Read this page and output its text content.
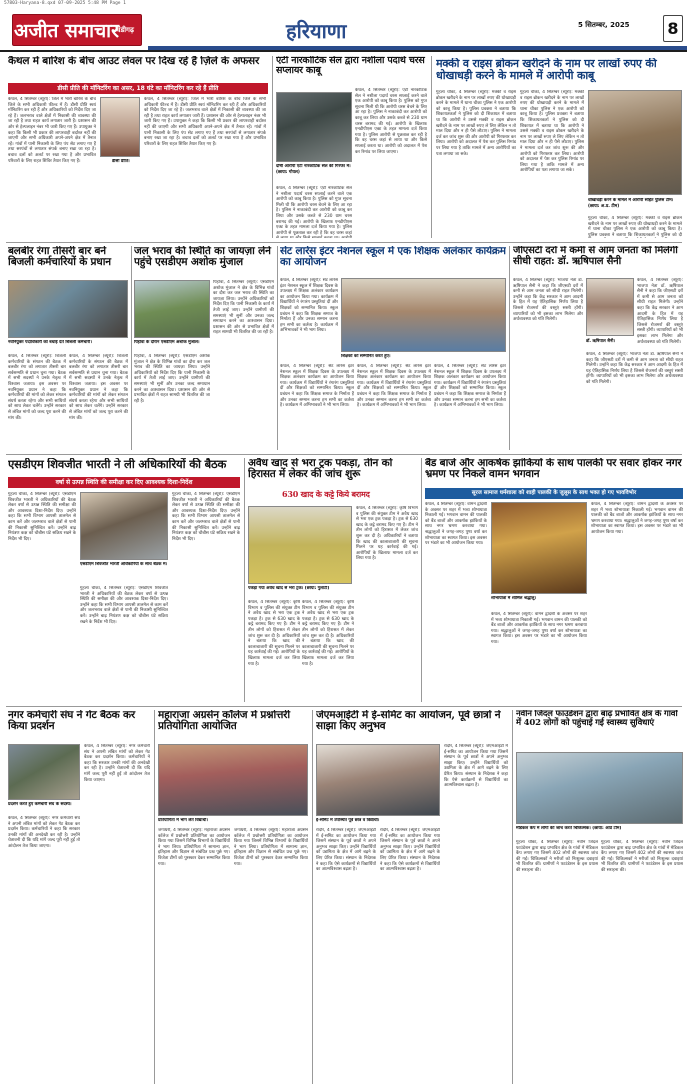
57803-Haryana-8.qxd 07-09-2025 5:48 PM Page 1
अजीत समाचार
चंडीगढ़	हरियाणा	5 सितम्बर, 2025 8
कैथल में बारिश के बीच आउट लेवल पर दिख रहे हैं ज़िले के अफसर
डीसी प्रीति की मॉनिटरिंग का असर, 18 घंटे का मॉनिटरिंग कर रहे हैं प्रीति
कैथल, 4 सितम्बर (ब्यूरो): जिले में भारी बारिश के बीच जिले के सभी अधिकारी फील्ड में हैं। डीसी प्रीति स्वयं मॉनिटरिंग कर रही हैं और अधिकारियों को निर्देश दिए जा रहे हैं। जलभराव वाले क्षेत्रों में निकासी की व्यवस्था की जा रही है तथा राहत कार्य लगातार जारी हैं। प्रशासन की ओर से हेल्पलाइन नंबर भी जारी किए गए हैं। उपायुक्त ने कहा कि किसी भी प्रकार की लापरवाही बर्दाश्त नहीं की जाएगी और सभी अधिकारी अपने-अपने क्षेत्र में तैनात रहें। गांवों में पानी निकासी के लिए पंप सेट लगाए गए हैं तथा सरपंचों से लगातार संपर्क बनाए रखा जा रहा है। बचाव दलों को अलर्ट पर रखा गया है और प्रभावित परिवारों के लिए राहत शिविर तैयार किए गए हैं।	डीसी प्रीति।
कैथल, 4 सितम्बर (ब्यूरो): जिले में भारी बारिश के बीच जिले के सभी अधिकारी फील्ड में हैं। डीसी प्रीति स्वयं मॉनिटरिंग कर रही हैं और अधिकारियों को निर्देश दिए जा रहे हैं। जलभराव वाले क्षेत्रों में निकासी की व्यवस्था की जा रही है तथा राहत कार्य लगातार जारी हैं। प्रशासन की ओर से हेल्पलाइन नंबर भी जारी किए गए हैं। उपायुक्त ने कहा कि किसी भी प्रकार की लापरवाही बर्दाश्त नहीं की जाएगी और सभी अधिकारी अपने-अपने क्षेत्र में तैनात रहें। गांवों में पानी निकासी के लिए पंप सेट लगाए गए हैं तथा सरपंचों से लगातार संपर्क बनाए रखा जा रहा है। बचाव दलों को अलर्ट पर रखा गया है और प्रभावित परिवारों के लिए राहत शिविर तैयार किए गए हैं।
एंटी नारकोटिक सेल द्वारा नशीला पदार्थ चरस सप्लायर काबू
दोषी आरोपी एंटी नारकोटिक सेल की गिरफ्त में। (छाया: गोयल)
कैथल, 4 सितम्बर (ब्यूरो): एंटी नारकोटिक सेल ने नशीला पदार्थ चरस सप्लाई करने वाले एक आरोपी को काबू किया है। पुलिस को गुप्त सूचना मिली थी कि आरोपी चरस बेचने के लिए आ रहा है। पुलिस ने नाकाबंदी कर आरोपी को काबू कर लिया और उसके कब्जे से 230 ग्राम चरस बरामद की गई। आरोपी के खिलाफ एनडीपीएस एक्ट के तहत मामला दर्ज किया गया है। पुलिस आरोपी से पूछताछ कर रही है कि वह चरस कहां से लाया था और किसे सप्लाई करता था। आरोपी को अदालत में पेश कर रिमांड पर लिया जाएगा।
कैथल, 4 सितम्बर (ब्यूरो): एंटी नारकोटिक सेल ने नशीला पदार्थ चरस सप्लाई करने वाले एक आरोपी को काबू किया है। पुलिस को गुप्त सूचना मिली थी कि आरोपी चरस बेचने के लिए आ रहा है। पुलिस ने नाकाबंदी कर आरोपी को काबू कर लिया और उसके कब्जे से 230 ग्राम चरस बरामद की गई। आरोपी के खिलाफ एनडीपीएस एक्ट के तहत मामला दर्ज किया गया है। पुलिस आरोपी से पूछताछ कर रही है कि वह चरस कहां
मक्की व राइस ब्रोकन खरीदने के नाम पर लाखों रुपए की धोखाधड़ी करने के मामले में आरोपी काबू
गुहला चीका, 4 सितम्बर (ब्यूरो): मक्की व राइस ब्रोकन खरीदने के नाम पर लाखों रुपए की धोखाधड़ी करने के मामले में थाना चीका पुलिस ने एक आरोपी को काबू किया है। पुलिस प्रवक्ता ने बताया कि शिकायतकर्ता ने पुलिस को दी शिकायत में बताया था कि आरोपी ने उससे मक्की व राइस ब्रोकन खरीदने के नाम पर लाखों रुपए ले लिए लेकिन न तो माल दिया और न ही पैसे लौटाए। पुलिस ने मामला दर्ज कर जांच शुरू की और आरोपी को गिरफ्तार कर लिया। आरोपी को अदालत में पेश कर पुलिस रिमांड पर लिया गया है ताकि मामले में अन्य आरोपियों का पता लगाया जा सके।
गुहला चीका, 4 सितम्बर (ब्यूरो): मक्की व राइस ब्रोकन खरीदने के नाम पर लाखों रुपए की धोखाधड़ी करने के मामले में थाना चीका पुलिस ने एक आरोपी को काबू किया है। पुलिस प्रवक्ता ने बताया कि शिकायतकर्ता ने पुलिस को दी शिकायत में बताया था कि आरोपी ने उससे मक्की व राइस ब्रोकन खरीदने के नाम पर लाखों रुपए ले लिए लेकिन न तो माल दिया और न ही पैसे लौटाए। पुलिस ने मामला दर्ज कर जांच शुरू की और आरोपी को गिरफ्तार कर लिया। आरोपी को अदालत में पेश कर पुलिस रिमांड पर लिया गया है ताकि मामले में अन्य आरोपियों का पता लगाया जा सके।
धोखाधड़ी करने के मामले में आरोपी सहित पुलिस टीम। (छाया: अ.प्र. टीम)
गुहला चीका, 4 सितम्बर (ब्यूरो): मक्की व राइस ब्रोकन खरीदने के नाम पर लाखों रुपए की धोखाधड़ी करने के मामले में थाना चीका पुलिस ने एक आरोपी को काबू किया है। पुलिस प्रवक्ता ने बताया कि शिकायतकर्ता ने पुलिस को दी
बलबीर रंगा तीसरी बार बने बिजली कर्मचारियों के प्रधान
नवनियुक्त पदाधिकारी को बधाई देते बिजली कर्मचारी।
कैथल, 4 सितम्बर (ब्यूरो): बिजली कर्मचारियों के संगठन की बैठक में बलबीर रंगा को लगातार तीसरी बार सर्वसम्मति से प्रधान चुना गया। बैठक में सभी सदस्यों ने उनके नेतृत्व में विश्वास जताया। इस अवसर पर नवनियुक्त प्रधान ने कहा कि कर्मचारियों की मांगों को लेकर संगठन संघर्ष करता रहेगा और सभी साथियों को साथ लेकर चलेंगे। उन्होंने सरकार से लंबित मांगों को जल्द पूरा करने की मांग की।
कैथल, 4 सितम्बर (ब्यूरो): बिजली कर्मचारियों के संगठन की बैठक में बलबीर रंगा को लगातार तीसरी बार सर्वसम्मति से प्रधान चुना गया। बैठक में सभी सदस्यों ने उनके नेतृत्व में विश्वास जताया। इस अवसर पर नवनियुक्त प्रधान ने कहा कि कर्मचारियों की मांगों को लेकर संगठन संघर्ष करता रहेगा और सभी साथियों को साथ लेकर चलेंगे। उन्होंने सरकार से लंबित मांगों को जल्द पूरा करने की मांग की।
जल भराव की स्थिति का जायज़ा लेने पहुंचे एसडीएम अशोक मुंजाल
पिहोवा के दौरान एसडीएम अशोक मुंजाल।
पिहोवा, 4 सितम्बर (ब्यूरो): एसडीएम अशोक मुंजाल ने क्षेत्र के विभिन्न गांवों का दौरा कर जल भराव की स्थिति का जायज़ा लिया। उन्होंने अधिकारियों को निर्देश दिए कि पानी निकासी के कार्य में तेजी लाई जाए। उन्होंने ग्रामीणों की समस्याएं भी सुनीं और उनका जल्द समाधान करने का आश्वासन दिया। प्रशासन की ओर से प्रभावित क्षेत्रों में राहत सामग्री भी वितरित की जा रही है।
पिहोवा, 4 सितम्बर (ब्यूरो): एसडीएम अशोक मुंजाल ने क्षेत्र के विभिन्न गांवों का दौरा कर जल भराव की स्थिति का जायज़ा लिया। उन्होंने अधिकारियों को निर्देश दिए कि पानी निकासी के कार्य में तेजी लाई जाए। उन्होंने ग्रामीणों की समस्याएं भी सुनीं और उनका जल्द समाधान करने का आश्वासन दिया। प्रशासन की ओर से प्रभावित क्षेत्रों में राहत सामग्री भी वितरित की जा रही है।
सेंट लारेंस इंटर नेशनल स्कूल में एक शिक्षक अलंकार कार्यक्रम का आयोजन
कैथल, 4 सितम्बर (ब्यूरो): सेंट लारेंस इंटर नेशनल स्कूल में शिक्षक दिवस के उपलक्ष्य में शिक्षक अलंकार कार्यक्रम का आयोजन किया गया। कार्यक्रम में विद्यार्थियों ने रंगारंग प्रस्तुतियां दीं और शिक्षकों को सम्मानित किया। स्कूल प्रबंधन ने कहा कि शिक्षक समाज के निर्माता हैं और उनका सम्मान करना हम सभी का कर्तव्य है। कार्यक्रम में अभिभावकों ने भी भाग लिया।
शिक्षकों को सम्मानित करते हुए।
कैथल, 4 सितम्बर (ब्यूरो): सेंट लारेंस इंटर नेशनल स्कूल में शिक्षक दिवस के उपलक्ष्य में शिक्षक अलंकार कार्यक्रम का आयोजन किया गया। कार्यक्रम में विद्यार्थियों ने रंगारंग प्रस्तुतियां दीं और शिक्षकों को सम्मानित किया। स्कूल प्रबंधन ने कहा कि शिक्षक समाज के निर्माता हैं और उनका सम्मान करना हम सभी का कर्तव्य है। कार्यक्रम में अभिभावकों ने भी भाग लिया।
कैथल, 4 सितम्बर (ब्यूरो): सेंट लारेंस इंटर नेशनल स्कूल में शिक्षक दिवस के उपलक्ष्य में शिक्षक अलंकार कार्यक्रम का आयोजन किया गया। कार्यक्रम में विद्यार्थियों ने रंगारंग प्रस्तुतियां दीं और शिक्षकों को सम्मानित किया। स्कूल प्रबंधन ने कहा कि शिक्षक समाज के निर्माता हैं और उनका सम्मान करना हम सभी का कर्तव्य है। कार्यक्रम में अभिभावकों ने भी भाग लिया।
कैथल, 4 सितम्बर (ब्यूरो): सेंट लारेंस इंटर नेशनल स्कूल में शिक्षक दिवस के उपलक्ष्य में शिक्षक अलंकार कार्यक्रम का आयोजन किया गया। कार्यक्रम में विद्यार्थियों ने रंगारंग प्रस्तुतियां दीं और शिक्षकों को सम्मानित किया। स्कूल प्रबंधन ने कहा कि शिक्षक समाज के निर्माता हैं और उनका सम्मान करना हम सभी का कर्तव्य है। कार्यक्रम में अभिभावकों ने भी भाग लिया।
जीएसटी दरों में कमी से आम जनता को मिलेगी सीधी राहत: डॉ. ऋषिपाल सैनी
कैथल, 4 सितम्बर (ब्यूरो): भाजपा नेता डॉ. ऋषिपाल सैनी ने कहा कि जीएसटी दरों में कमी से आम जनता को सीधी राहत मिलेगी। उन्होंने कहा कि केंद्र सरकार ने आम आदमी के हित में यह ऐतिहासिक निर्णय लिया है जिससे रोजमर्रा की वस्तुएं सस्ती होंगी। व्यापारियों को भी इसका लाभ मिलेगा और अर्थव्यवस्था को गति मिलेगी।
डॉ. ऋषिपाल सैनी।
कैथल, 4 सितम्बर (ब्यूरो): भाजपा नेता डॉ. ऋषिपाल सैनी ने कहा कि जीएसटी दरों में कमी से आम जनता को सीधी राहत मिलेगी। उन्होंने कहा कि केंद्र सरकार ने आम आदमी के हित में यह ऐतिहासिक निर्णय लिया है जिससे रोजमर्रा की वस्तुएं सस्ती होंगी। व्यापारियों को भी इसका लाभ मिलेगा और अर्थव्यवस्था को गति मिलेगी।
कैथल, 4 सितम्बर (ब्यूरो): भाजपा नेता डॉ. ऋषिपाल सैनी ने कहा कि जीएसटी दरों में कमी से आम जनता को सीधी राहत मिलेगी। उन्होंने कहा कि केंद्र सरकार ने आम आदमी के हित में यह ऐतिहासिक निर्णय लिया है जिससे रोजमर्रा की वस्तुएं सस्ती होंगी। व्यापारियों को भी इसका लाभ मिलेगा और अर्थव्यवस्था को गति मिलेगी।
एसडीएम शिवजीत भारती ने ली अधिकारियों की बैठक
वर्षा से उत्पन्न स्थिति की समीक्षा कर दिए आवश्यक दिशा-निर्देश
गुहला चीका, 4 सितम्बर (ब्यूरो): एसडीएम शिवजीत भारती ने अधिकारियों की बैठक लेकर वर्षा से उत्पन्न स्थिति की समीक्षा की और आवश्यक दिशा-निर्देश दिए। उन्होंने कहा कि सभी विभाग आपसी तालमेल से काम करें और जलभराव वाले क्षेत्रों से पानी की निकासी सुनिश्चित करें। उन्होंने बाढ़ नियंत्रण कक्ष को चौबीस घंटे सक्रिय रखने के निर्देश भी दिए।
एसडीएम शिवजीत भारती अधिकारियों के साथ बैठक में।
गुहला चीका, 4 सितम्बर (ब्यूरो): एसडीएम शिवजीत भारती ने अधिकारियों की बैठक लेकर वर्षा से उत्पन्न स्थिति की समीक्षा की और आवश्यक दिशा-निर्देश दिए। उन्होंने कहा कि सभी विभाग आपसी तालमेल से काम करें और जलभराव वाले क्षेत्रों से पानी की निकासी सुनिश्चित करें। उन्होंने बाढ़ नियंत्रण कक्ष को चौबीस घंटे सक्रिय रखने के निर्देश भी दिए।
गुहला चीका, 4 सितम्बर (ब्यूरो): एसडीएम शिवजीत भारती ने अधिकारियों की बैठक लेकर वर्षा से उत्पन्न स्थिति की समीक्षा की और आवश्यक दिशा-निर्देश दिए। उन्होंने कहा कि सभी विभाग आपसी तालमेल से काम करें और जलभराव वाले क्षेत्रों से पानी की निकासी सुनिश्चित करें। उन्होंने बाढ़ नियंत्रण कक्ष को चौबीस घंटे सक्रिय रखने के निर्देश भी दिए।
अवैध खाद से भरा ट्रक पकड़ा, तीन को हिरासत में लेकर की जांच शुरू
630 खाद के कट्टे किये बरामद
पकड़ा गया अवैध खाद से भरा ट्रक। (छाया: गुलाटी)
कैथल, 4 सितम्बर (ब्यूरो): कृषि विभाग व पुलिस की संयुक्त टीम ने अवैध खाद से भरा एक ट्रक पकड़ा है। ट्रक से 630 खाद के कट्टे बरामद किए गए हैं। टीम ने तीन लोगों को हिरासत में लेकर जांच शुरू कर दी है। अधिकारियों ने बताया कि खाद की कालाबाजारी की सूचना मिलने पर यह कार्रवाई की गई। आरोपियों के खिलाफ मामला दर्ज कर लिया गया है।
कैथल, 4 सितम्बर (ब्यूरो): कृषि विभाग व पुलिस की संयुक्त टीम ने अवैध खाद से भरा एक ट्रक पकड़ा है। ट्रक से 630 खाद के कट्टे बरामद किए गए हैं। टीम ने तीन लोगों को हिरासत में लेकर जांच शुरू कर दी है। अधिकारियों ने बताया कि खाद की कालाबाजारी की सूचना मिलने पर यह कार्रवाई की गई। आरोपियों के खिलाफ मामला दर्ज कर लिया गया है।
कैथल, 4 सितम्बर (ब्यूरो): कृषि विभाग व पुलिस की संयुक्त टीम ने अवैध खाद से भरा एक ट्रक पकड़ा है। ट्रक से 630 खाद के कट्टे बरामद किए गए हैं। टीम ने तीन लोगों को हिरासत में लेकर जांच शुरू कर दी है। अधिकारियों ने बताया कि खाद की कालाबाजारी की सूचना मिलने पर यह कार्रवाई की गई। आरोपियों के खिलाफ मामला दर्ज कर लिया गया है।
बैंड बाजे और आकर्षक झांकियों के साथ पालकी पर सवार होकर नगर भ्रमण पर निकले वामन भगवान
सूरज सामाज धर्मशाला को शाही पालकी के जुलूस के साथ भक्त हो गए भावविभोर
कैथल, 4 सितम्बर (ब्यूरो): वामन द्वादशी के अवसर पर शहर में भव्य शोभायात्रा निकाली गई। भगवान वामन की पालकी को बैंड बाजों और आकर्षक झांकियों के साथ नगर भ्रमण करवाया गया। श्रद्धालुओं ने जगह-जगह पुष्प वर्षा कर शोभायात्रा का स्वागत किया। इस अवसर पर भंडारे का भी आयोजन किया गया।
शोभायात्रा में शामिल श्रद्धालु।
कैथल, 4 सितम्बर (ब्यूरो): वामन द्वादशी के अवसर पर शहर में भव्य शोभायात्रा निकाली गई। भगवान वामन की पालकी को बैंड बाजों और आकर्षक झांकियों के साथ नगर भ्रमण करवाया गया। श्रद्धालुओं ने जगह-जगह पुष्प वर्षा कर शोभायात्रा का स्वागत किया। इस अवसर पर भंडारे का भी आयोजन किया गया।
कैथल, 4 सितम्बर (ब्यूरो): वामन द्वादशी के अवसर पर शहर में भव्य शोभायात्रा निकाली गई। भगवान वामन की पालकी को बैंड बाजों और आकर्षक झांकियों के साथ नगर भ्रमण करवाया गया। श्रद्धालुओं ने जगह-जगह पुष्प वर्षा कर शोभायात्रा का स्वागत किया। इस अवसर पर भंडारे का भी आयोजन किया गया।
नगर कर्मचारी संघ ने गेट बैठक कर किया प्रदर्शन
प्रदर्शन करते हुए कर्मचारी संघ के सदस्य।
कैथल, 4 सितम्बर (ब्यूरो): नगर कर्मचारी संघ ने अपनी लंबित मांगों को लेकर गेट बैठक कर प्रदर्शन किया। कर्मचारियों ने कहा कि सरकार उनकी मांगों की अनदेखी कर रही है। उन्होंने चेतावनी दी कि यदि मांगें जल्द पूरी नहीं हुईं तो आंदोलन तेज किया जाएगा।
कैथल, 4 सितम्बर (ब्यूरो): नगर कर्मचारी संघ ने अपनी लंबित मांगों को लेकर गेट बैठक कर प्रदर्शन किया। कर्मचारियों ने कहा कि सरकार उनकी मांगों की अनदेखी कर रही है। उन्होंने चेतावनी दी कि यदि मांगें जल्द पूरी नहीं हुईं तो आंदोलन तेज किया जाएगा।
महाराजा अग्रसेन कॉलेज में प्रश्नोत्तरी प्रतियोगिता आयोजित
प्रतियोगिता में भाग लेते विद्यार्थी।
जगाधरी, 4 सितम्बर (ब्यूरो): महाराजा अग्रसेन कॉलेज में प्रश्नोत्तरी प्रतियोगिता का आयोजन किया गया जिसमें विभिन्न विभागों के विद्यार्थियों ने भाग लिया। प्रतियोगिता में सामान्य ज्ञान, इतिहास और विज्ञान से संबंधित प्रश्न पूछे गए। विजेता टीमों को पुरस्कार देकर सम्मानित किया गया।
जगाधरी, 4 सितम्बर (ब्यूरो): महाराजा अग्रसेन कॉलेज में प्रश्नोत्तरी प्रतियोगिता का आयोजन किया गया जिसमें विभिन्न विभागों के विद्यार्थियों ने भाग लिया। प्रतियोगिता में सामान्य ज्ञान, इतिहास और विज्ञान से संबंधित प्रश्न पूछे गए। विजेता टीमों को पुरस्कार देकर सम्मानित किया गया।
जेएमआईटी में ई-समिट का आयोजन, पूर्व छात्रों ने साझा किए अनुभव
ई-समिट में उपस्थित पूर्व छात्र व विद्यार्थी।
रादौर, 4 सितम्बर (ब्यूरो): जेएमआईटी में ई-समिट का आयोजन किया गया जिसमें संस्थान के पूर्व छात्रों ने अपने अनुभव साझा किए। उन्होंने विद्यार्थियों को उद्यमिता के क्षेत्र में आगे बढ़ने के लिए प्रेरित किया। संस्थान के निदेशक ने कहा कि ऐसे कार्यक्रमों से विद्यार्थियों का आत्मविश्वास बढ़ता है।
रादौर, 4 सितम्बर (ब्यूरो): जेएमआईटी में ई-समिट का आयोजन किया गया जिसमें संस्थान के पूर्व छात्रों ने अपने अनुभव साझा किए। उन्होंने विद्यार्थियों को उद्यमिता के क्षेत्र में आगे बढ़ने के लिए प्रेरित किया। संस्थान के निदेशक ने कहा कि ऐसे कार्यक्रमों से विद्यार्थियों का आत्मविश्वास बढ़ता है।
रादौर, 4 सितम्बर (ब्यूरो): जेएमआईटी में ई-समिट का आयोजन किया गया जिसमें संस्थान के पूर्व छात्रों ने अपने अनुभव साझा किए। उन्होंने विद्यार्थियों को उद्यमिता के क्षेत्र में आगे बढ़ने के लिए प्रेरित किया। संस्थान के निदेशक ने कहा कि ऐसे कार्यक्रमों से विद्यार्थियों का आत्मविश्वास बढ़ता है।
नवीन जिंदल फाउंडेशन द्वारा बाढ़ प्रभावित क्षेत्र के गांवों में 402 लोगों को पहुंचाई गई स्वास्थ्य सुविधाएं
मेडिकल कैंप में लोगों की जांच करते चिकित्सक। (छाया: आप्रे टीम)
गुहला चीका, 4 सितम्बर (ब्यूरो): नवीन जिंदल फाउंडेशन द्वारा बाढ़ प्रभावित क्षेत्र के गांवों में मेडिकल कैंप लगाए गए जिसमें 402 लोगों की स्वास्थ्य जांच की गई। चिकित्सकों ने मरीजों को निःशुल्क दवाइयां भी वितरित कीं। ग्रामीणों ने फाउंडेशन के इस प्रयास की सराहना की।
गुहला चीका, 4 सितम्बर (ब्यूरो): नवीन जिंदल फाउंडेशन द्वारा बाढ़ प्रभावित क्षेत्र के गांवों में मेडिकल कैंप लगाए गए जिसमें 402 लोगों की स्वास्थ्य जांच की गई। चिकित्सकों ने मरीजों को निःशुल्क दवाइयां भी वितरित कीं। ग्रामीणों ने फाउंडेशन के इस प्रयास की सराहना की।
